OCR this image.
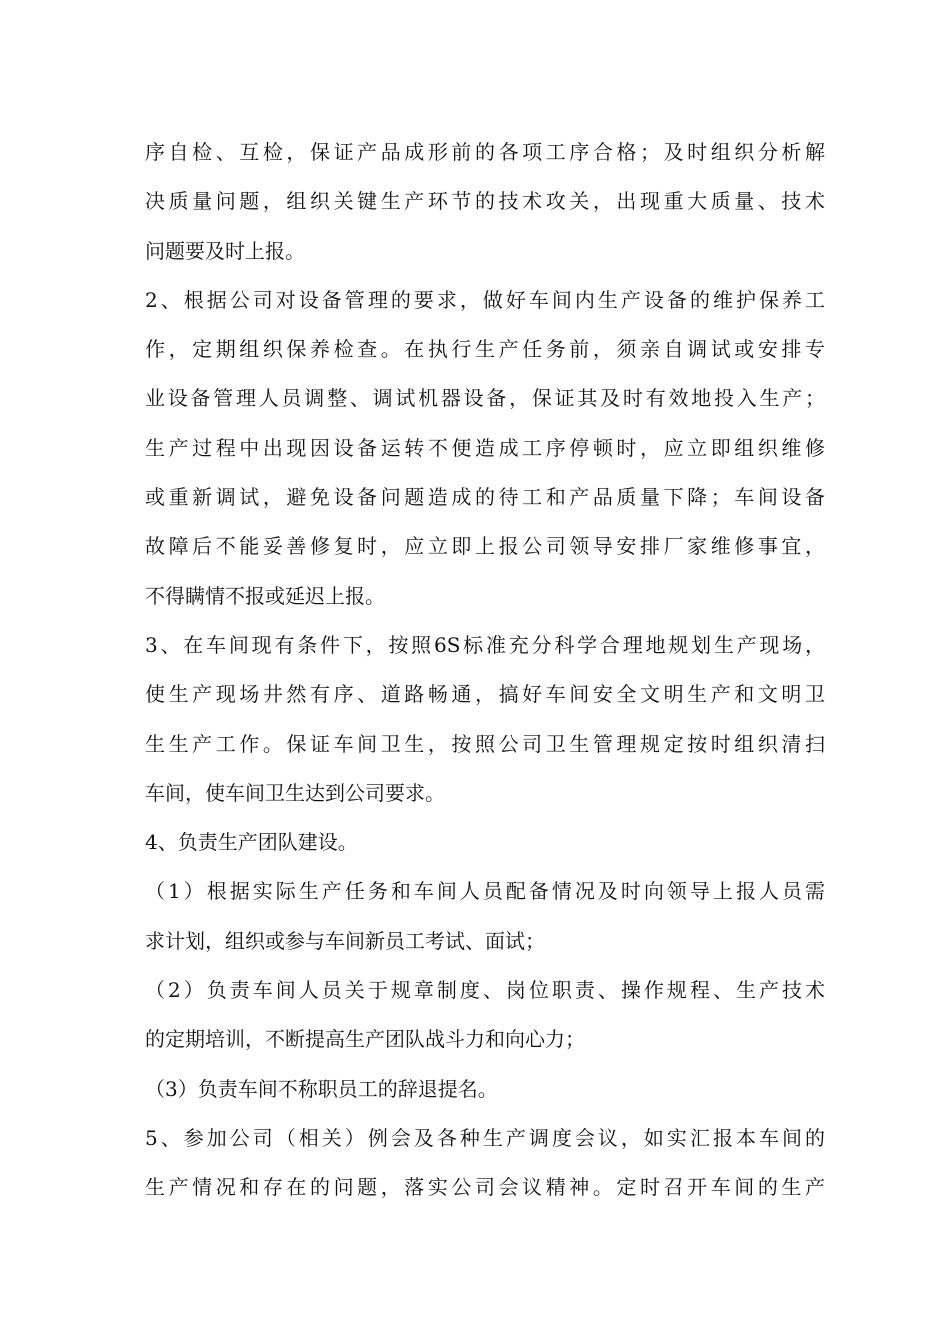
序自检、互检，保证产品成形前的各项工序合格；及时组织分析解
决质量问题，组织关键生产环节的技术攻关，出现重大质量、技术
问题要及时上报。
2、根据公司对设备管理的要求，做好车间内生产设备的维护保养工
作，定期组织保养检查。在执行生产任务前，须亲自调试或安排专
业设备管理人员调整、调试机器设备，保证其及时有效地投入生产；
生产过程中出现因设备运转不便造成工序停顿时，应立即组织维修
或重新调试，避免设备问题造成的待工和产品质量下降；车间设备
故障后不能妥善修复时，应立即上报公司领导安排厂家维修事宜，
不得瞒情不报或延迟上报。
3、在车间现有条件下，按照6S标准充分科学合理地规划生产现场，
使生产现场井然有序、道路畅通，搞好车间安全文明生产和文明卫
生生产工作。保证车间卫生，按照公司卫生管理规定按时组织清扫
车间，使车间卫生达到公司要求。
4、负责生产团队建设。
（1）根据实际生产任务和车间人员配备情况及时向领导上报人员需
求计划，组织或参与车间新员工考试、面试；
（2）负责车间人员关于规章制度、岗位职责、操作规程、生产技术
的定期培训，不断提高生产团队战斗力和向心力；
（3）负责车间不称职员工的辞退提名。
5、参加公司（相关）例会及各种生产调度会议，如实汇报本车间的
生产情况和存在的问题，落实公司会议精神。定时召开车间的生产
